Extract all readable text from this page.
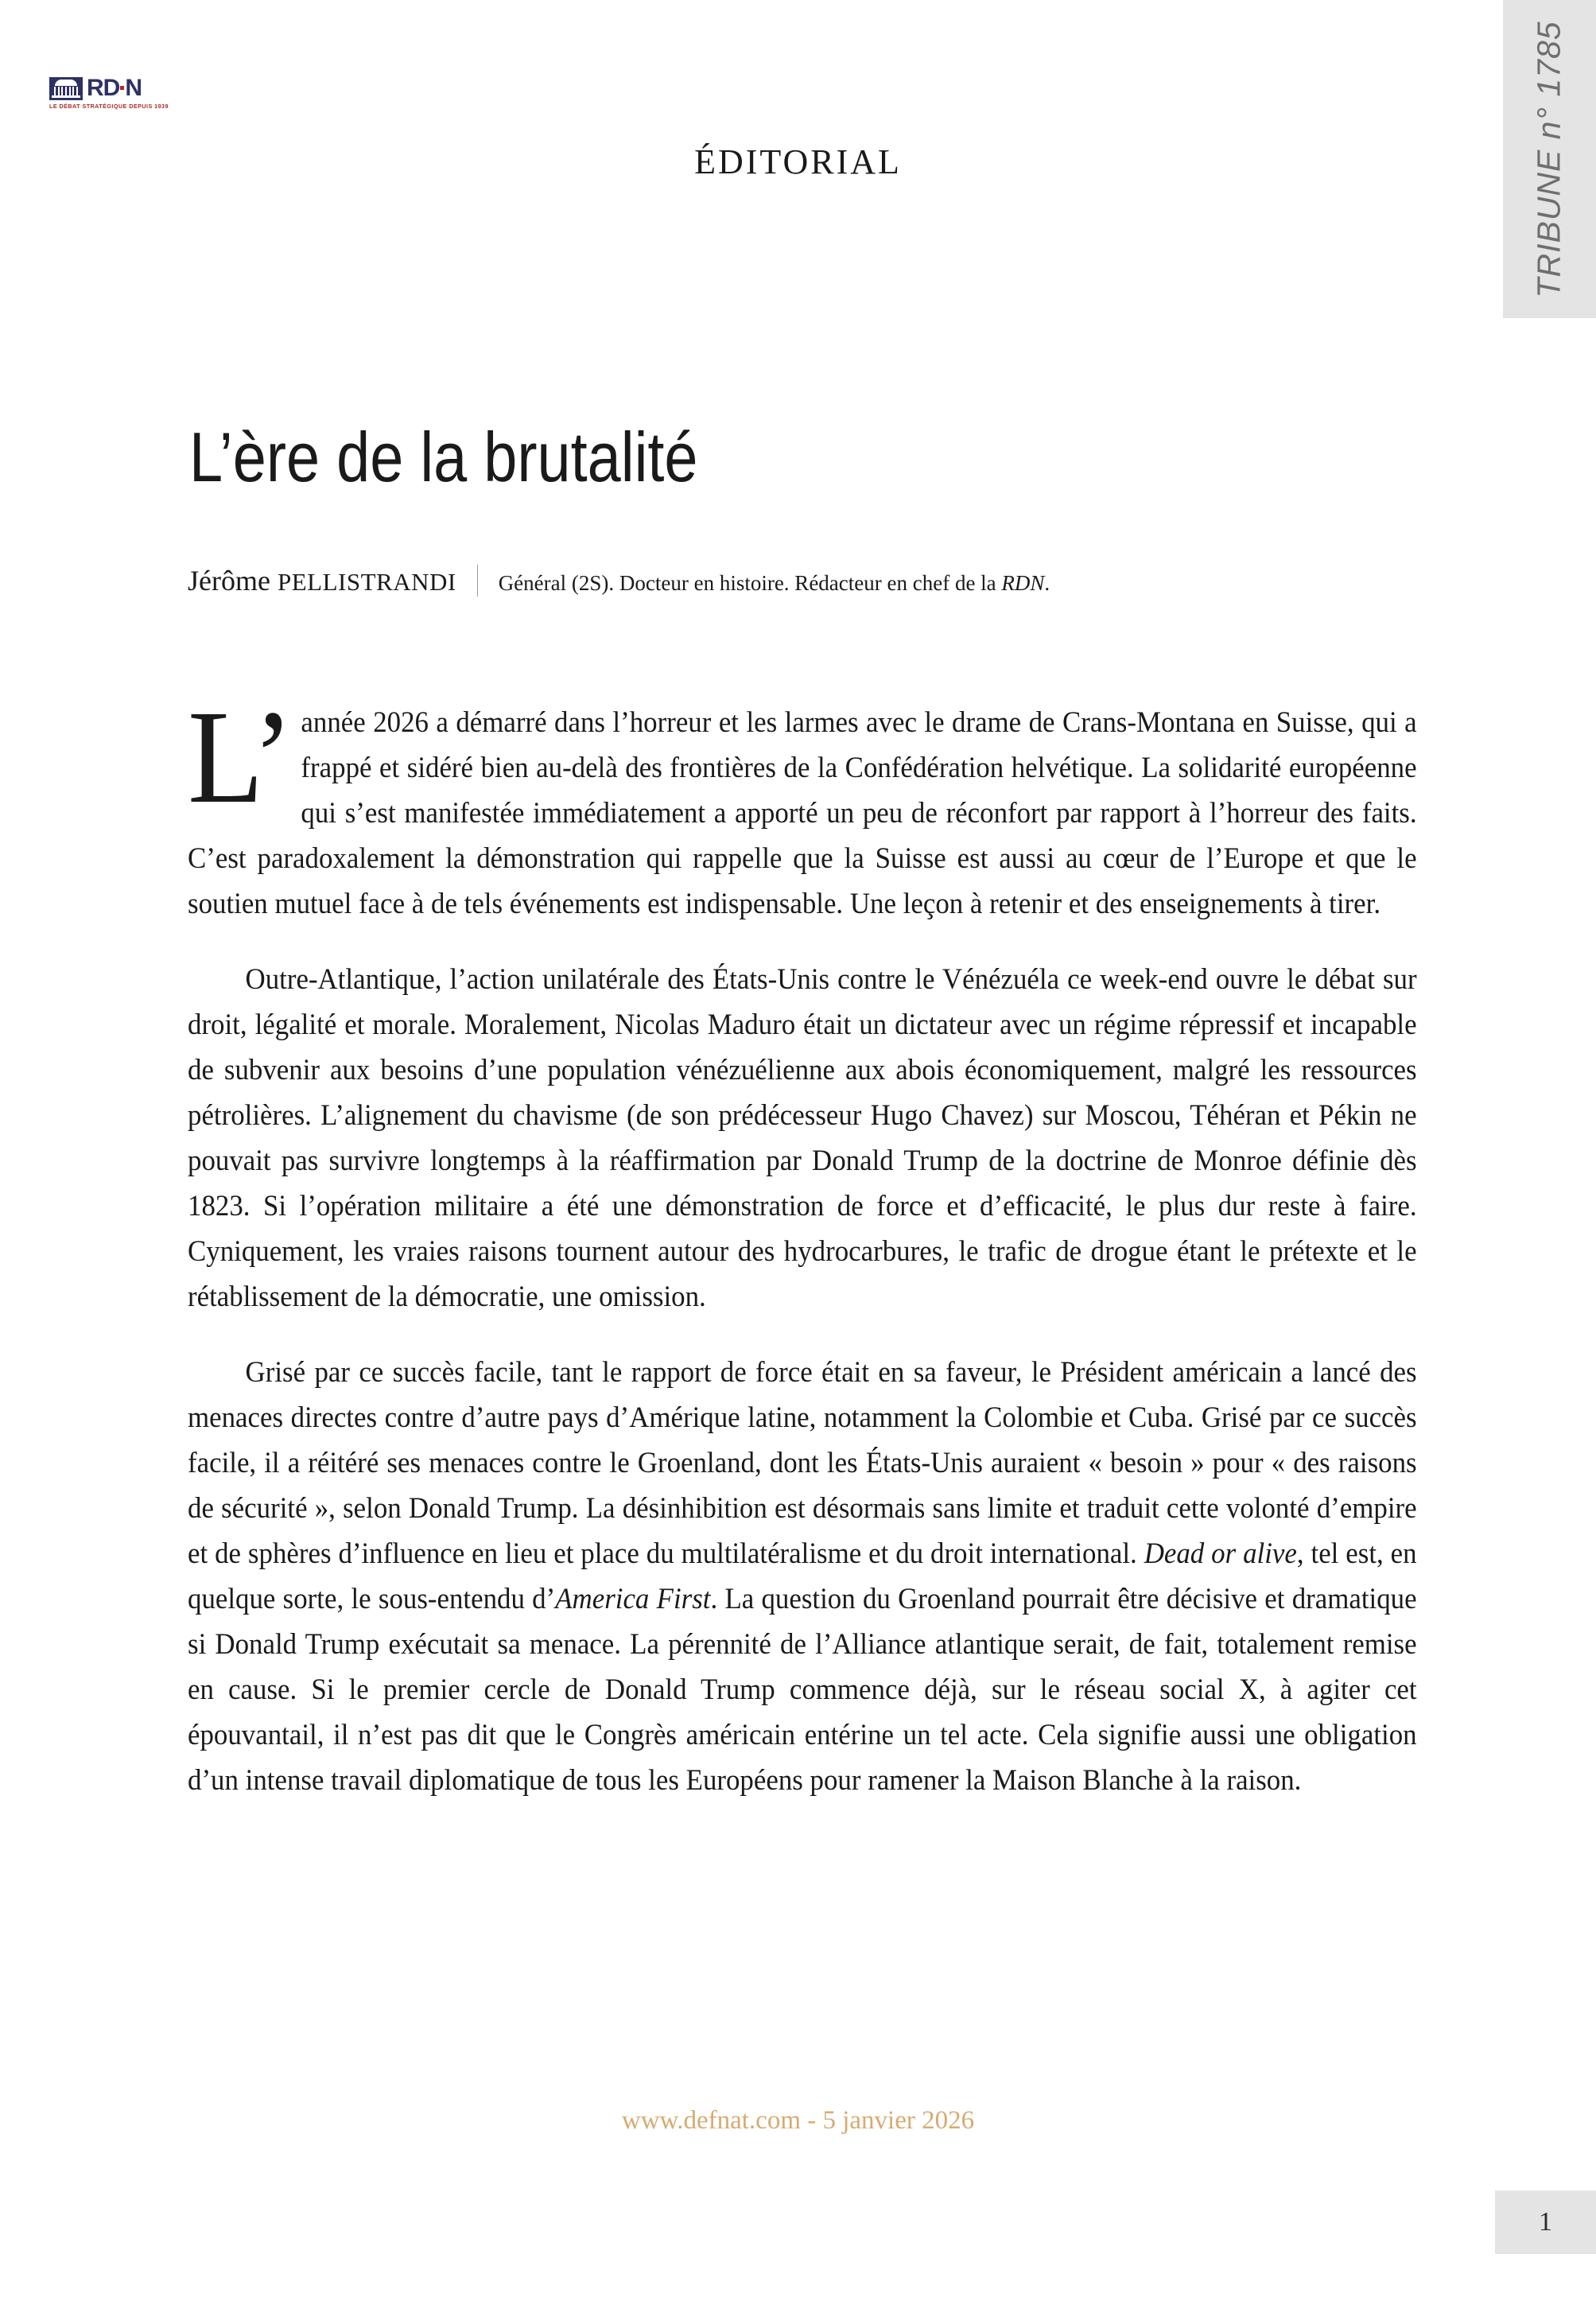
TRIBUNE n° 1785
RD N
LE DÉBAT STRATÉGIQUE DEPUIS 1939
ÉDITORIAL
L’ère de la brutalité
Jérôme PELLISTRANDI Général (2S). Docteur en histoire. Rédacteur en chef de la RDN.

L’année 2026 a démarré dans l’horreur et les larmes avec le drame de Crans-Montana en Suisse, qui a frappé et sidéré bien au-delà des frontières de la Confédération helvétique. La solidarité européenne qui s’est manifestée immédiatement a apporté un peu de réconfort par rapport à l’horreur des faits. C’est paradoxalement la démonstration qui rappelle que la Suisse est aussi au cœur de l’Europe et que le soutien mutuel face à de tels événements est indispensable. Une leçon à retenir et des enseignements à tirer.

Outre-Atlantique, l’action unilatérale des États-Unis contre le Vénézuéla ce week-end ouvre le débat sur droit, légalité et morale. Moralement, Nicolas Maduro était un dictateur avec un régime répressif et incapable de subvenir aux besoins d’une population vénézuélienne aux abois économiquement, malgré les ressources pétrolières. L’alignement du chavisme (de son prédécesseur Hugo Chavez) sur Moscou, Téhéran et Pékin ne pouvait pas survivre longtemps à la réaffirmation par Donald Trump de la doctrine de Monroe définie dès 1823. Si l’opération militaire a été une démonstration de force et d’efficacité, le plus dur reste à faire. Cyniquement, les vraies raisons tournent autour des hydrocarbures, le trafic de drogue étant le prétexte et le rétablissement de la démocratie, une omission.

Grisé par ce succès facile, tant le rapport de force était en sa faveur, le Président américain a lancé des menaces directes contre d’autre pays d’Amérique latine, notamment la Colombie et Cuba. Grisé par ce succès facile, il a réitéré ses menaces contre le Groenland, dont les États-Unis auraient « besoin » pour « des raisons de sécurité », selon Donald Trump. La désinhibition est désormais sans limite et traduit cette volonté d’empire et de sphères d’influence en lieu et place du multilatéralisme et du droit international. Dead or alive, tel est, en quelque sorte, le sous-entendu d’America First. La question du Groenland pourrait être décisive et dramatique si Donald Trump exécutait sa menace. La pérennité de l’Alliance atlantique serait, de fait, totalement remise en cause. Si le premier cercle de Donald Trump commence déjà, sur le réseau social X, à agiter cet épouvantail, il n’est pas dit que le Congrès américain entérine un tel acte. Cela signifie aussi une obligation d’un intense travail diplomatique de tous les Européens pour ramener la Maison Blanche à la raison.

www.defnat.com - 5 janvier 2026
1
